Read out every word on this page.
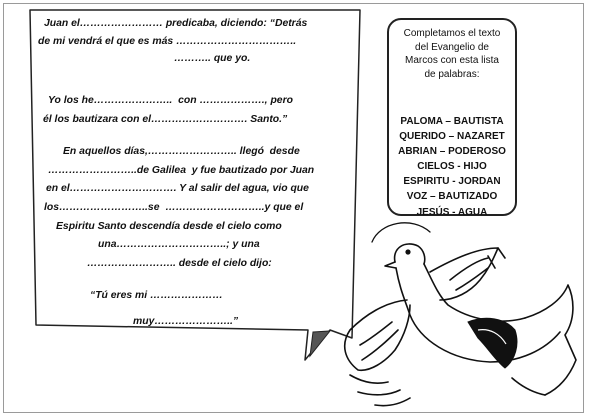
Juan el…………………… predicaba, diciendo: “Detrás
de mi vendrá el que es más ……………………………..
……….. que yo.
Yo los he…………………..  con ………………., pero
él los bautizara con el………………………. Santo.”
En aquellos días,…………………….. llegó  desde
……………………..de Galilea  y fue bautizado por Juan
en el…………………………. Y al salir del agua, vio que
los……………………..se  ………………………..y que el
Espiritu Santo descendía desde el cielo como
una…………………………..; y una
…………………….. desde el cielo dijo:
“Tú eres mi …………………
muy…………………..”
Completamos el texto
del Evangelio de
Marcos con esta lista
de palabras:
PALOMA – BAUTISTA
QUERIDO – NAZARET
ABRIAN – PODEROSO
CIELOS - HIJO
ESPIRITU - JORDAN
VOZ – BAUTIZADO
JESÚS - AGUA
